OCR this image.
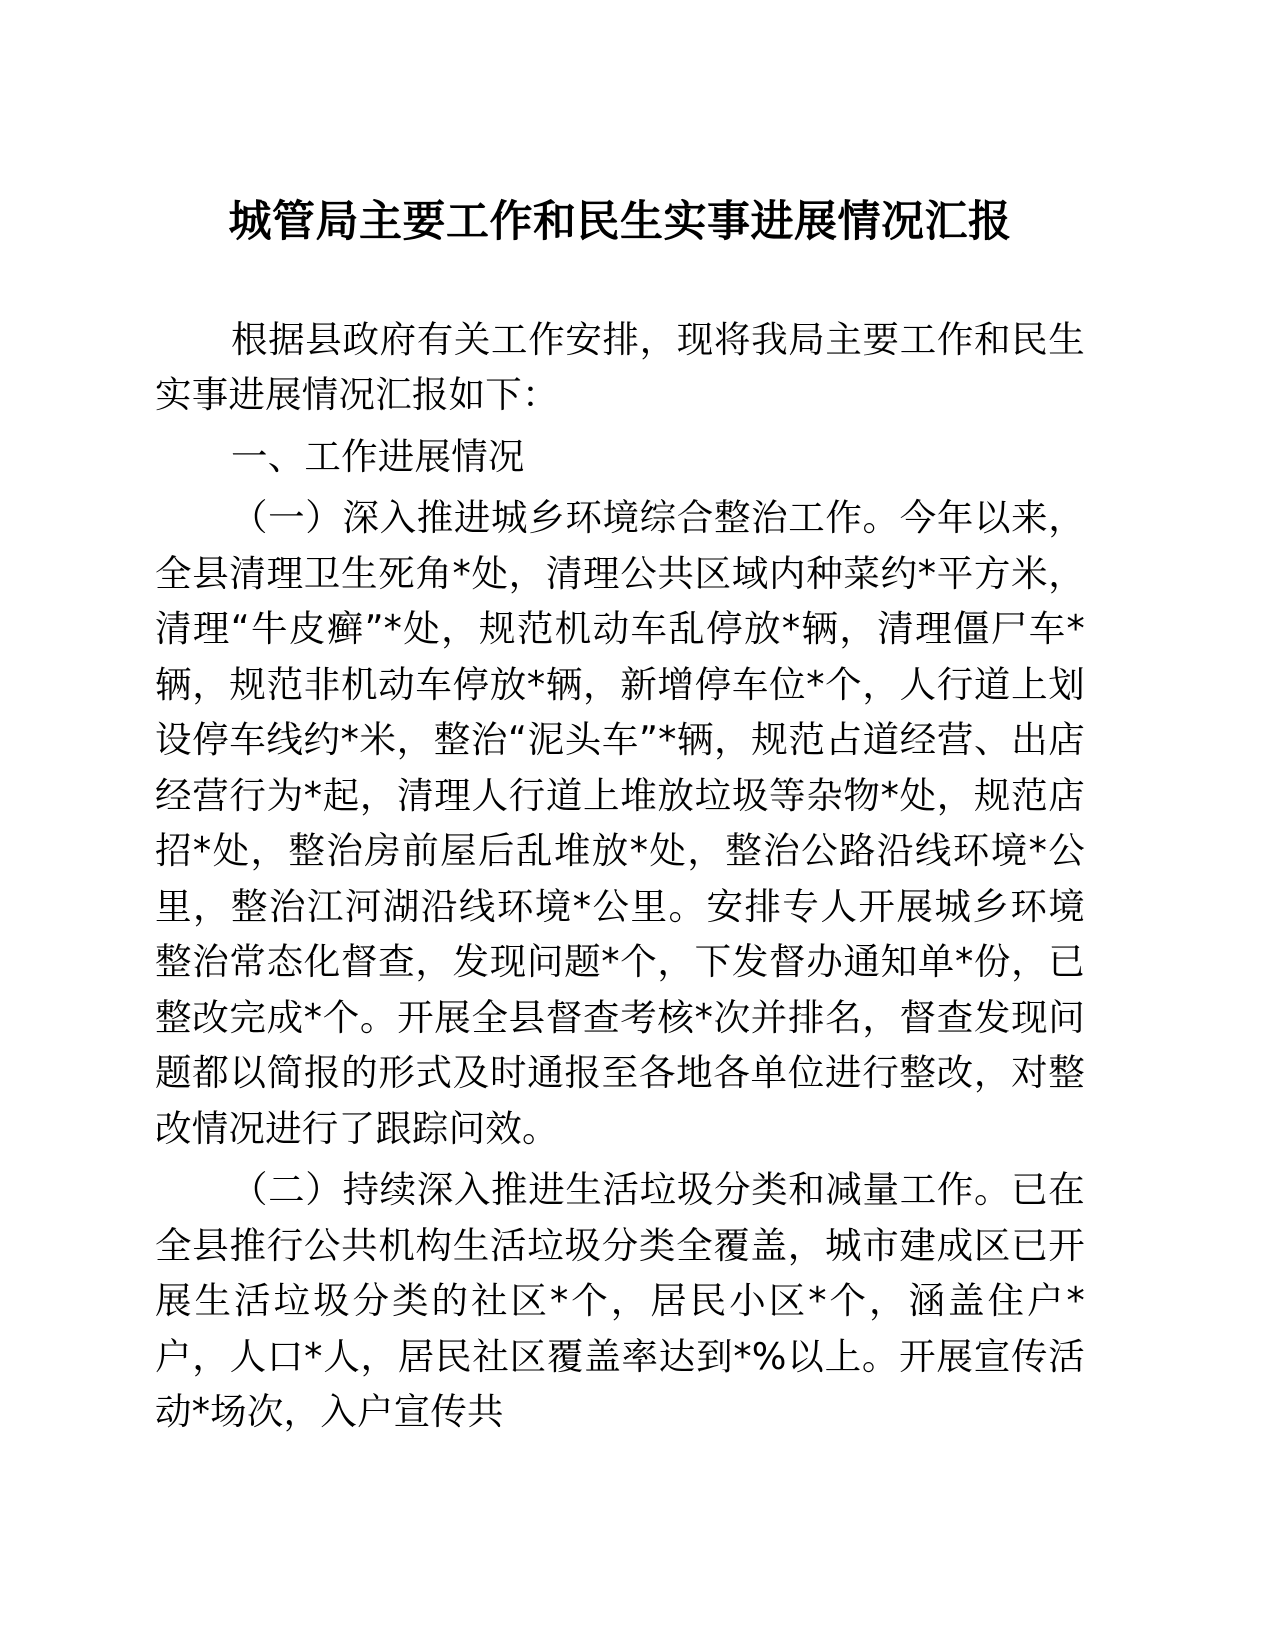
城管局主要工作和民生实事进展情况汇报

根据县政府有关工作安排，现将我局主要工作和民生实事进展情况汇报如下：

一、工作进展情况

（一）深入推进城乡环境综合整治工作。今年以来，全县清理卫生死角*处，清理公共区域内种菜约*平方米，清理“牛皮癣”*处，规范机动车乱停放*辆，清理僵尸车*辆，规范非机动车停放*辆，新增停车位*个，人行道上划设停车线约*米，整治“泥头车”*辆，规范占道经营、出店经营行为*起，清理人行道上堆放垃圾等杂物*处，规范店招*处，整治房前屋后乱堆放*处，整治公路沿线环境*公里，整治江河湖沿线环境*公里。安排专人开展城乡环境整治常态化督查，发现问题*个，下发督办通知单*份，已整改完成*个。开展全县督查考核*次并排名，督查发现问题都以简报的形式及时通报至各地各单位进行整改，对整改情况进行了跟踪问效。

（二）持续深入推进生活垃圾分类和减量工作。已在全县推行公共机构生活垃圾分类全覆盖，城市建成区已开展生活垃圾分类的社区*个，居民小区*个，涵盖住户*户，人口*人，居民社区覆盖率达到*%以上。开展宣传活动*场次，入户宣传共
